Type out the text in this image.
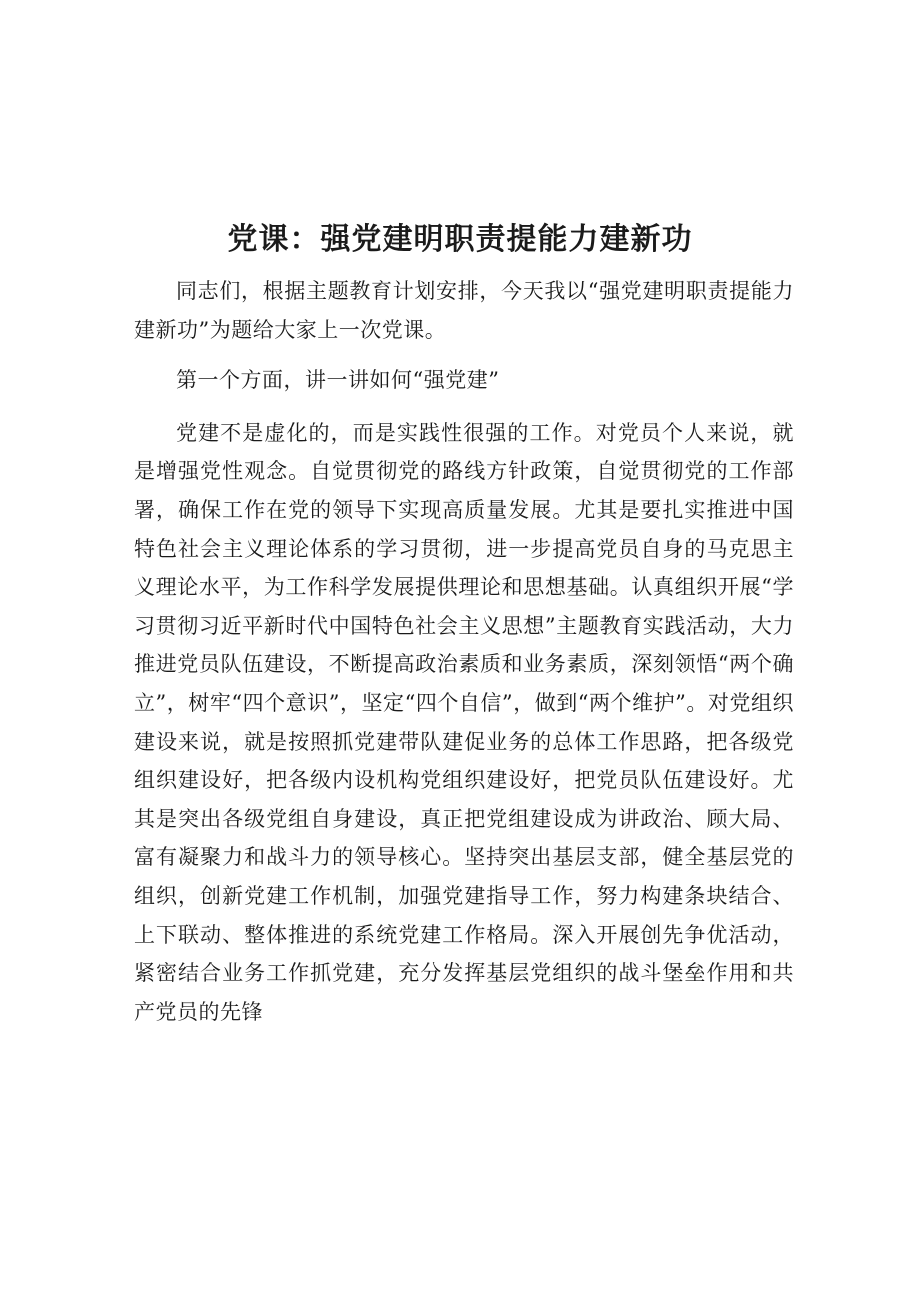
党课：强党建明职责提能力建新功

同志们，根据主题教育计划安排，今天我以“强党建明职责提能力建新功”为题给大家上一次党课。

第一个方面，讲一讲如何“强党建”

党建不是虚化的，而是实践性很强的工作。对党员个人来说，就是增强党性观念。自觉贯彻党的路线方针政策，自觉贯彻党的工作部署，确保工作在党的领导下实现高质量发展。尤其是要扎实推进中国特色社会主义理论体系的学习贯彻，进一步提高党员自身的马克思主义理论水平，为工作科学发展提供理论和思想基础。认真组织开展“学习贯彻习近平新时代中国特色社会主义思想”主题教育实践活动，大力推进党员队伍建设，不断提高政治素质和业务素质，深刻领悟“两个确立”，树牢“四个意识”，坚定“四个自信”，做到“两个维护”。对党组织建设来说，就是按照抓党建带队建促业务的总体工作思路，把各级党组织建设好，把各级内设机构党组织建设好，把党员队伍建设好。尤其是突出各级党组自身建设，真正把党组建设成为讲政治、顾大局、富有凝聚力和战斗力的领导核心。坚持突出基层支部，健全基层党的组织，创新党建工作机制，加强党建指导工作，努力构建条块结合、上下联动、整体推进的系统党建工作格局。深入开展创先争优活动，紧密结合业务工作抓党建，充分发挥基层党组织的战斗堡垒作用和共产党员的先锋
